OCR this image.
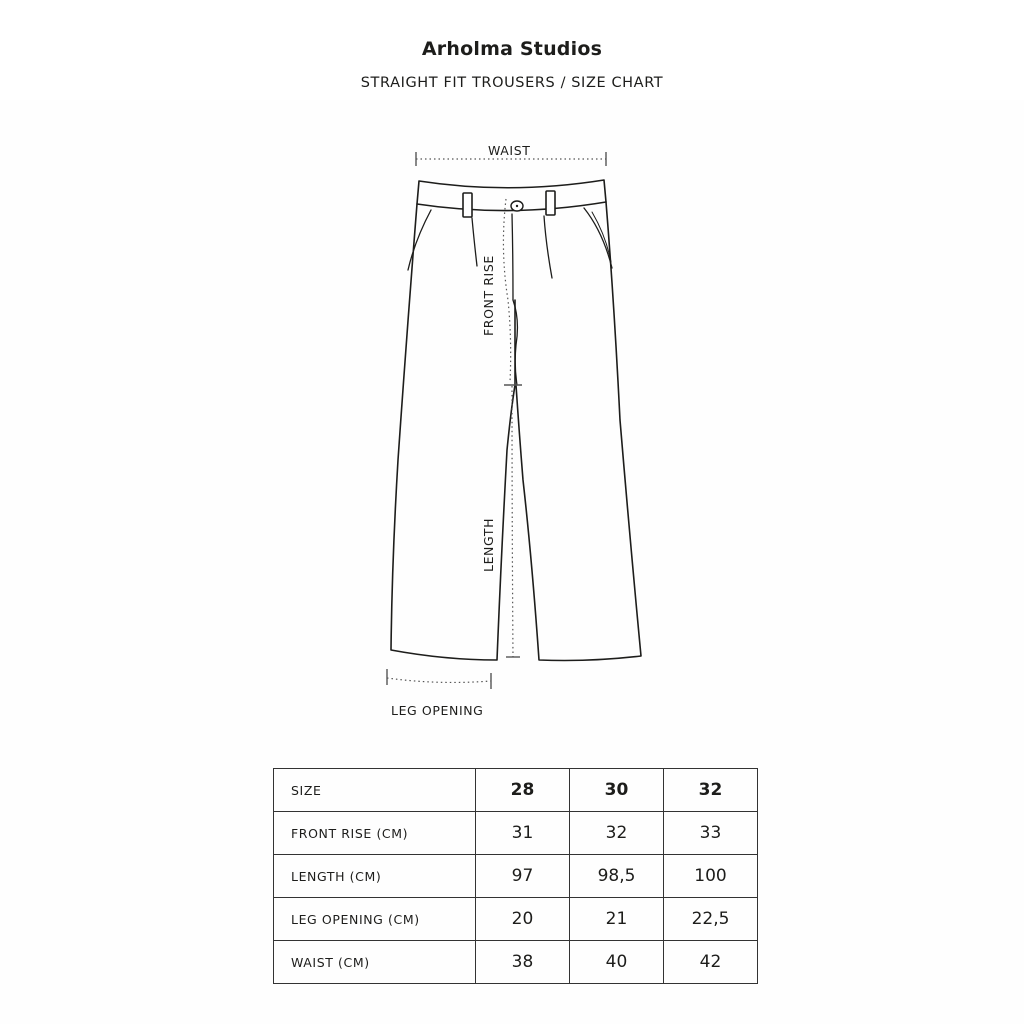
Arholma Studios
STRAIGHT FIT TROUSERS / SIZE CHART
WAIST
FRONT RISE
LENGTH
LEG OPENING
SIZE	28	30	32
FRONT RISE (CM)	31	32	33
LENGTH (CM)	97	98,5	100
LEG OPENING (CM)	20	21	22,5
WAIST (CM)	38	40	42
